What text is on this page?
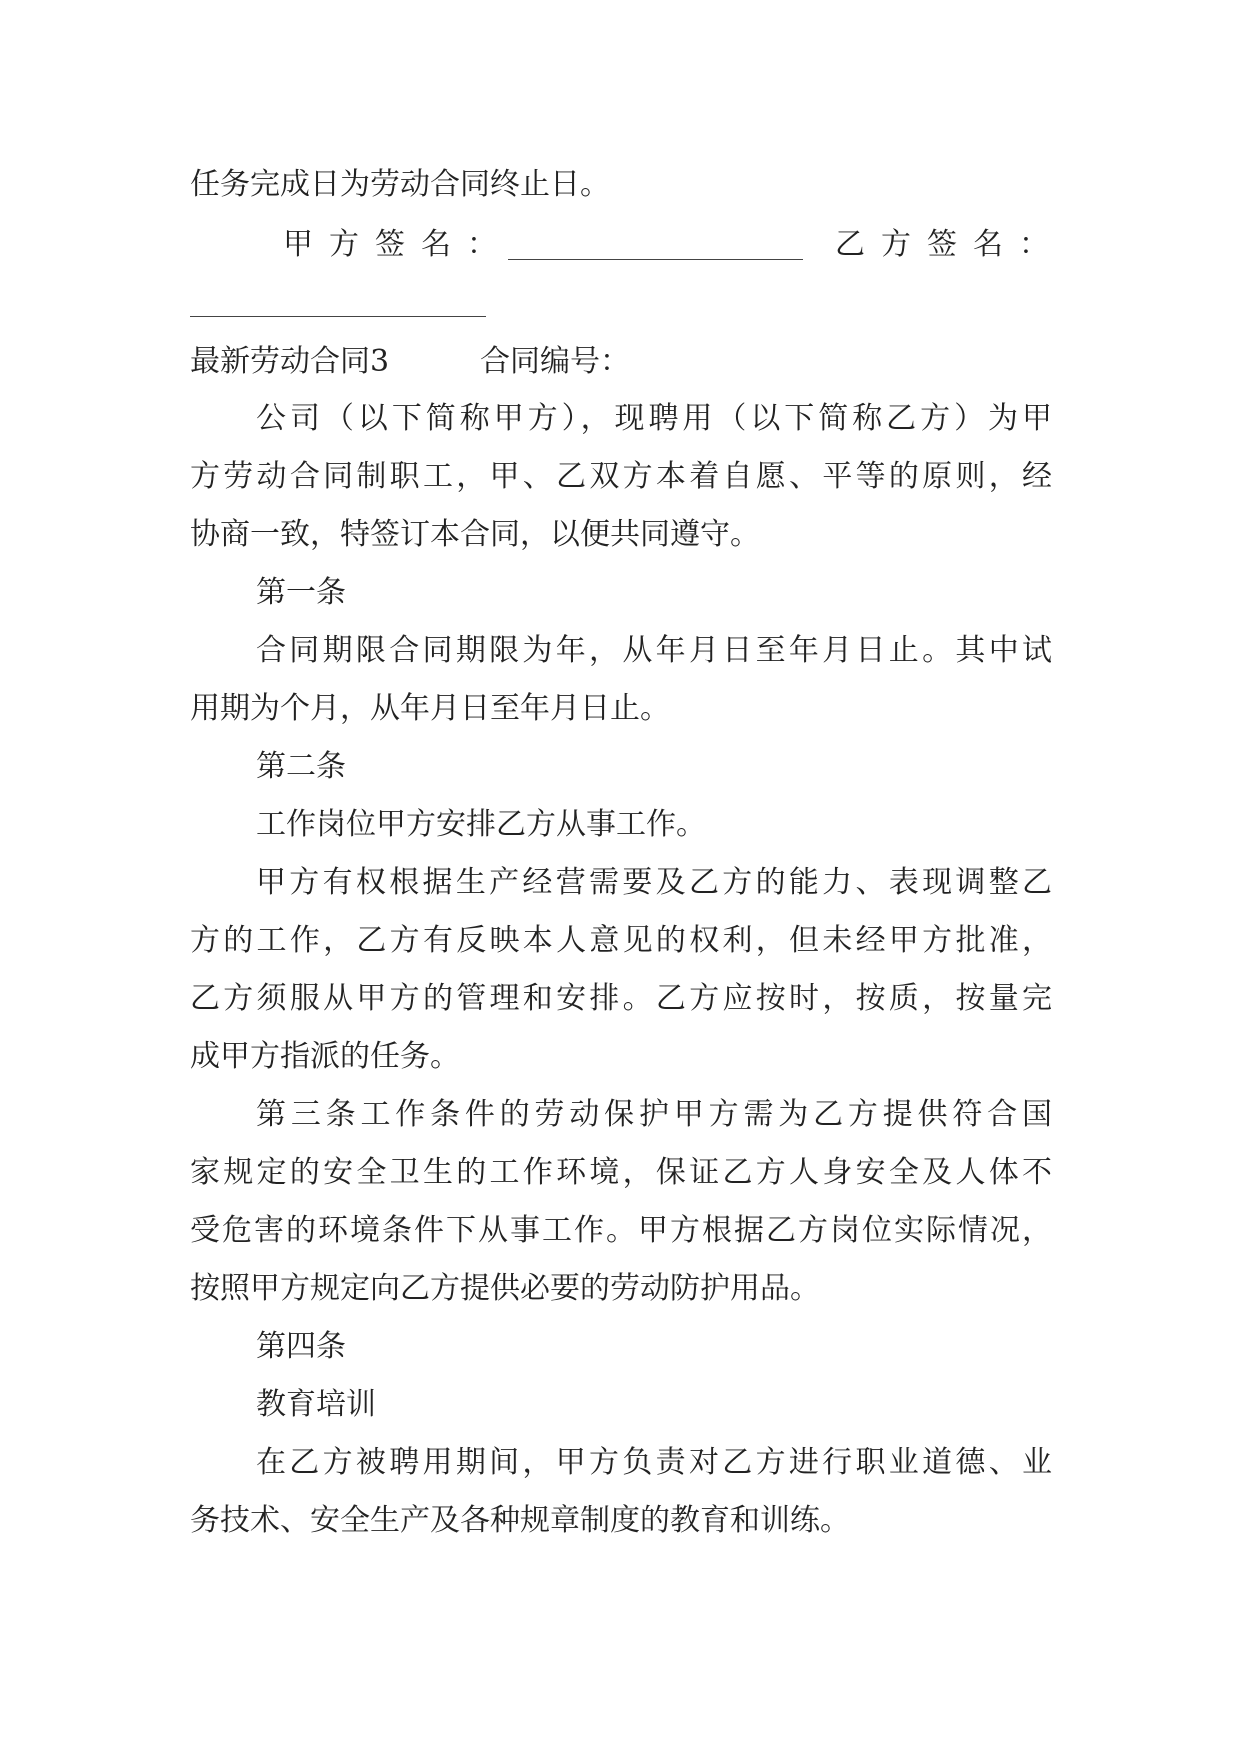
任务完成日为劳动合同终止日。
甲方签名：	乙方签名：
最新劳动合同3	合同编号：
公司（以下简称甲方），现聘用（以下简称乙方）为甲
方劳动合同制职工，甲、乙双方本着自愿、平等的原则，经
协商一致，特签订本合同，以便共同遵守。
第一条
合同期限合同期限为年，从年月日至年月日止。其中试
用期为个月，从年月日至年月日止。
第二条
工作岗位甲方安排乙方从事工作。
甲方有权根据生产经营需要及乙方的能力、表现调整乙
方的工作，乙方有反映本人意见的权利，但未经甲方批准，
乙方须服从甲方的管理和安排。乙方应按时，按质，按量完
成甲方指派的任务。
第三条工作条件的劳动保护甲方需为乙方提供符合国
家规定的安全卫生的工作环境，保证乙方人身安全及人体不
受危害的环境条件下从事工作。甲方根据乙方岗位实际情况，
按照甲方规定向乙方提供必要的劳动防护用品。
第四条
教育培训
在乙方被聘用期间，甲方负责对乙方进行职业道德、业
务技术、安全生产及各种规章制度的教育和训练。
